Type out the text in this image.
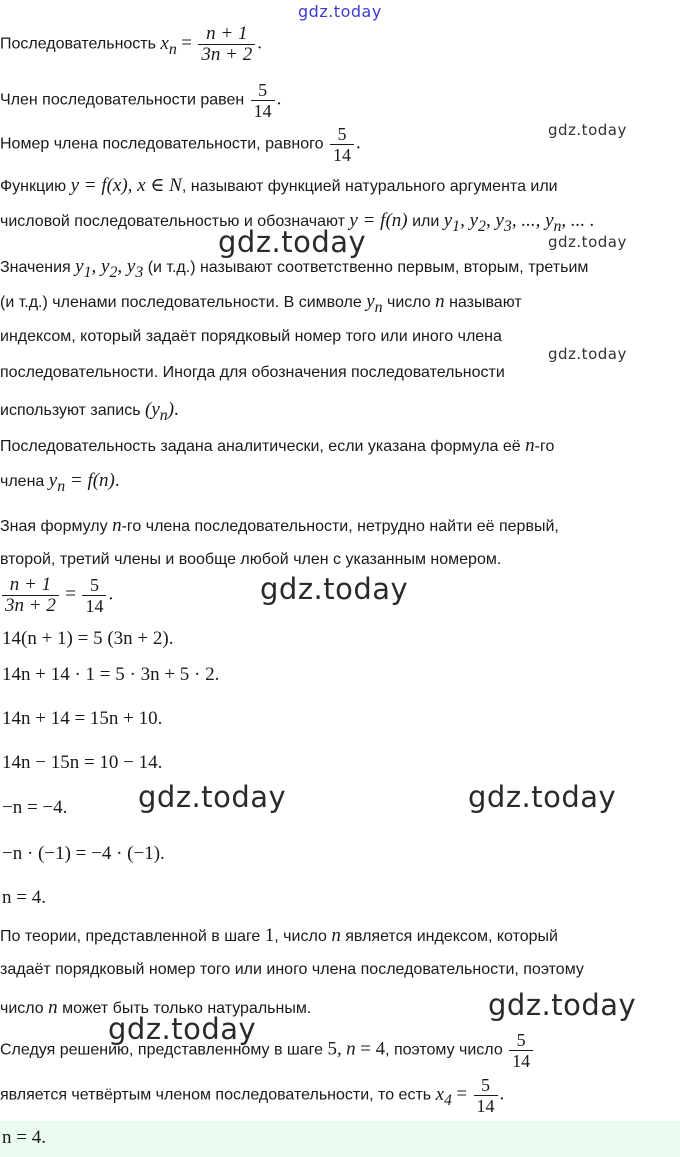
gdz.today
gdz.today
gdz.today	gdz.today
gdz.today
gdz.today
gdz.today	gdz.today
gdz.today
gdz.today
Последовательность $x_n = \frac{n + 1}{3n + 2}$ .
Член последовательности равен $\frac{5}{14}$ .
Номер члена последовательности, равного $\frac{5}{14}$ .
Функцию y = f(x), x ∈ N, называют функцией натурального аргумента или
числовой последовательностью и обозначают y = f(n) или $y_1$, $y_2$, $y_3$, ..., $y_n$, ... .
Значения $y_1$, $y_2$, $y_3$ (и т.д.) называют соответственно первым, вторым, третьим
(и т.д.) членами последовательности. В символе $y_n$ число n называют
индексом, который задаёт порядковый номер того или иного члена
последовательности. Иногда для обозначения последовательности
используют запись $(y_n)$.
Последовательность задана аналитически, если указана формула её n-го
члена $y_n = f(n)$.
Зная формулу n-го члена последовательности, нетрудно найти её первый,
второй, третий члены и вообще любой член с указанным номером.
$\frac{n + 1}{3n + 2} = \frac{5}{14}$ .
14(n + 1) = 5 (3n + 2).
14n + 14 · 1 = 5 · 3n + 5 · 2.
14n + 14 = 15n + 10.
14n − 15n = 10 − 14.
−n = −4.
−n · (−1) = −4 · (−1).
n = 4.
По теории, представленной в шаге 1, число n является индексом, который
задаёт порядковый номер того или иного члена последовательности, поэтому
число n может быть только натуральным.
Следуя решению, представленному в шаге 5, n = 4, поэтому число $\frac{5}{14}$
является четвёртым членом последовательности, то есть $x_4 = \frac{5}{14}$ .
n = 4.
